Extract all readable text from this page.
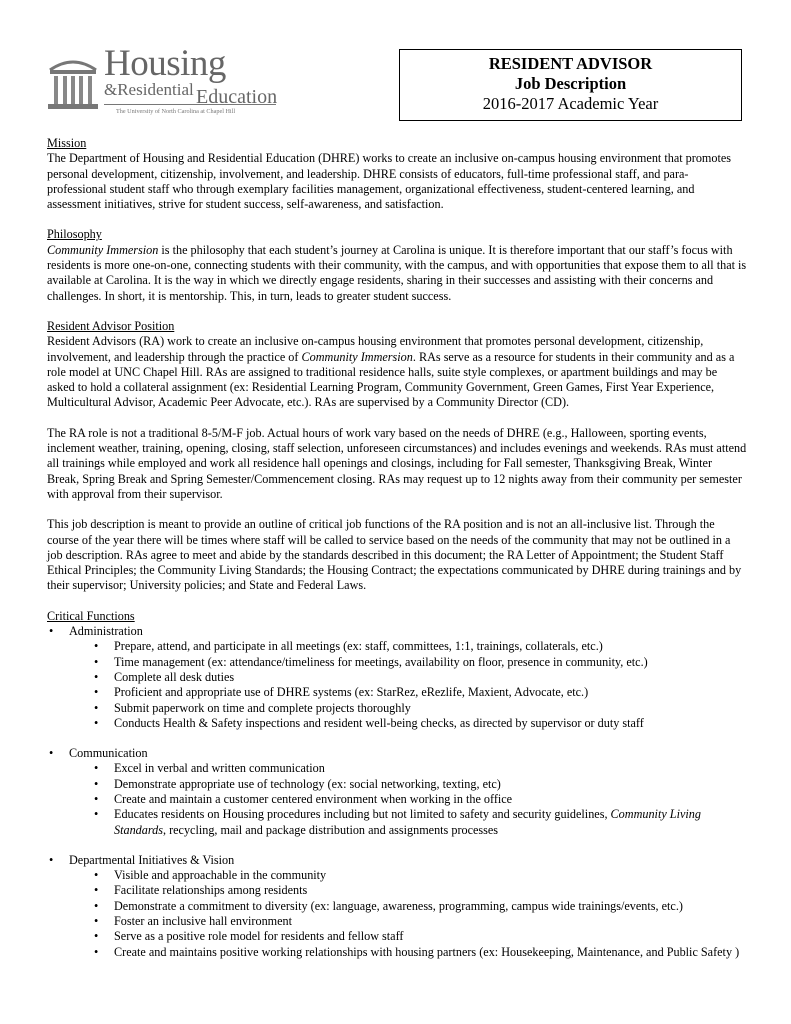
Housing
&Residential Education
The University of North Carolina at Chapel Hill
RESIDENT ADVISOR
Job Description
2016-2017 Academic Year

Mission

The Department of Housing and Residential Education (DHRE) works to create an inclusive on-campus housing environment that promotes personal development, citizenship, involvement, and leadership. DHRE consists of educators, full-time professional staff, and para-professional student staff who through exemplary facilities management, organizational effectiveness, student-centered learning, and assessment initiatives, strive for student success, self-awareness, and satisfaction.

Philosophy

Community Immersion is the philosophy that each student’s journey at Carolina is unique. It is therefore important that our staff’s focus with residents is more one-on-one, connecting students with their community, with the campus, and with opportunities that expose them to all that is available at Carolina. It is the way in which we directly engage residents, sharing in their successes and assisting with their concerns and challenges. In short, it is mentorship. This, in turn, leads to greater student success.

Resident Advisor Position

Resident Advisors (RA) work to create an inclusive on-campus housing environment that promotes personal development, citizenship, involvement, and leadership through the practice of Community Immersion. RAs serve as a resource for students in their community and as a role model at UNC Chapel Hill. RAs are assigned to traditional residence halls, suite style complexes, or apartment buildings and may be asked to hold a collateral assignment (ex: Residential Learning Program, Community Government, Green Games, First Year Experience, Multicultural Advisor, Academic Peer Advocate, etc.). RAs are supervised by a Community Director (CD).

The RA role is not a traditional 8-5/M-F job. Actual hours of work vary based on the needs of DHRE (e.g., Halloween, sporting events, inclement weather, training, opening, closing, staff selection, unforeseen circumstances) and includes evenings and weekends. RAs must attend all trainings while employed and work all residence hall openings and closings, including for Fall semester, Thanksgiving Break, Winter Break, Spring Break and Spring Semester/Commencement closing. RAs may request up to 12 nights away from their community per semester with approval from their supervisor.

This job description is meant to provide an outline of critical job functions of the RA position and is not an all-inclusive list. Through the course of the year there will be times where staff will be called to service based on the needs of the community that may not be outlined in a job description. RAs agree to meet and abide by the standards described in this document; the RA Letter of Appointment; the Student Staff Ethical Principles; the Community Living Standards; the Housing Contract; the expectations communicated by DHRE during trainings and by their supervisor; University policies; and State and Federal Laws.

Critical Functions

• Administration
• Prepare, attend, and participate in all meetings (ex: staff, committees, 1:1, trainings, collaterals, etc.)
• Time management (ex: attendance/timeliness for meetings, availability on floor, presence in community, etc.)
• Complete all desk duties
• Proficient and appropriate use of DHRE systems (ex: StarRez, eRezlife, Maxient, Advocate, etc.)
• Submit paperwork on time and complete projects thoroughly
• Conducts Health & Safety inspections and resident well-being checks, as directed by supervisor or duty staff
• Communication
• Excel in verbal and written communication
• Demonstrate appropriate use of technology (ex: social networking, texting, etc)
• Create and maintain a customer centered environment when working in the office
• Educates residents on Housing procedures including but not limited to safety and security guidelines, Community Living Standards, recycling, mail and package distribution and assignments processes
• Departmental Initiatives & Vision
• Visible and approachable in the community
• Facilitate relationships among residents
• Demonstrate a commitment to diversity (ex: language, awareness, programming, campus wide trainings/events, etc.)
• Foster an inclusive hall environment
• Serve as a positive role model for residents and fellow staff
• Create and maintains positive working relationships with housing partners (ex: Housekeeping, Maintenance, and Public Safety )
